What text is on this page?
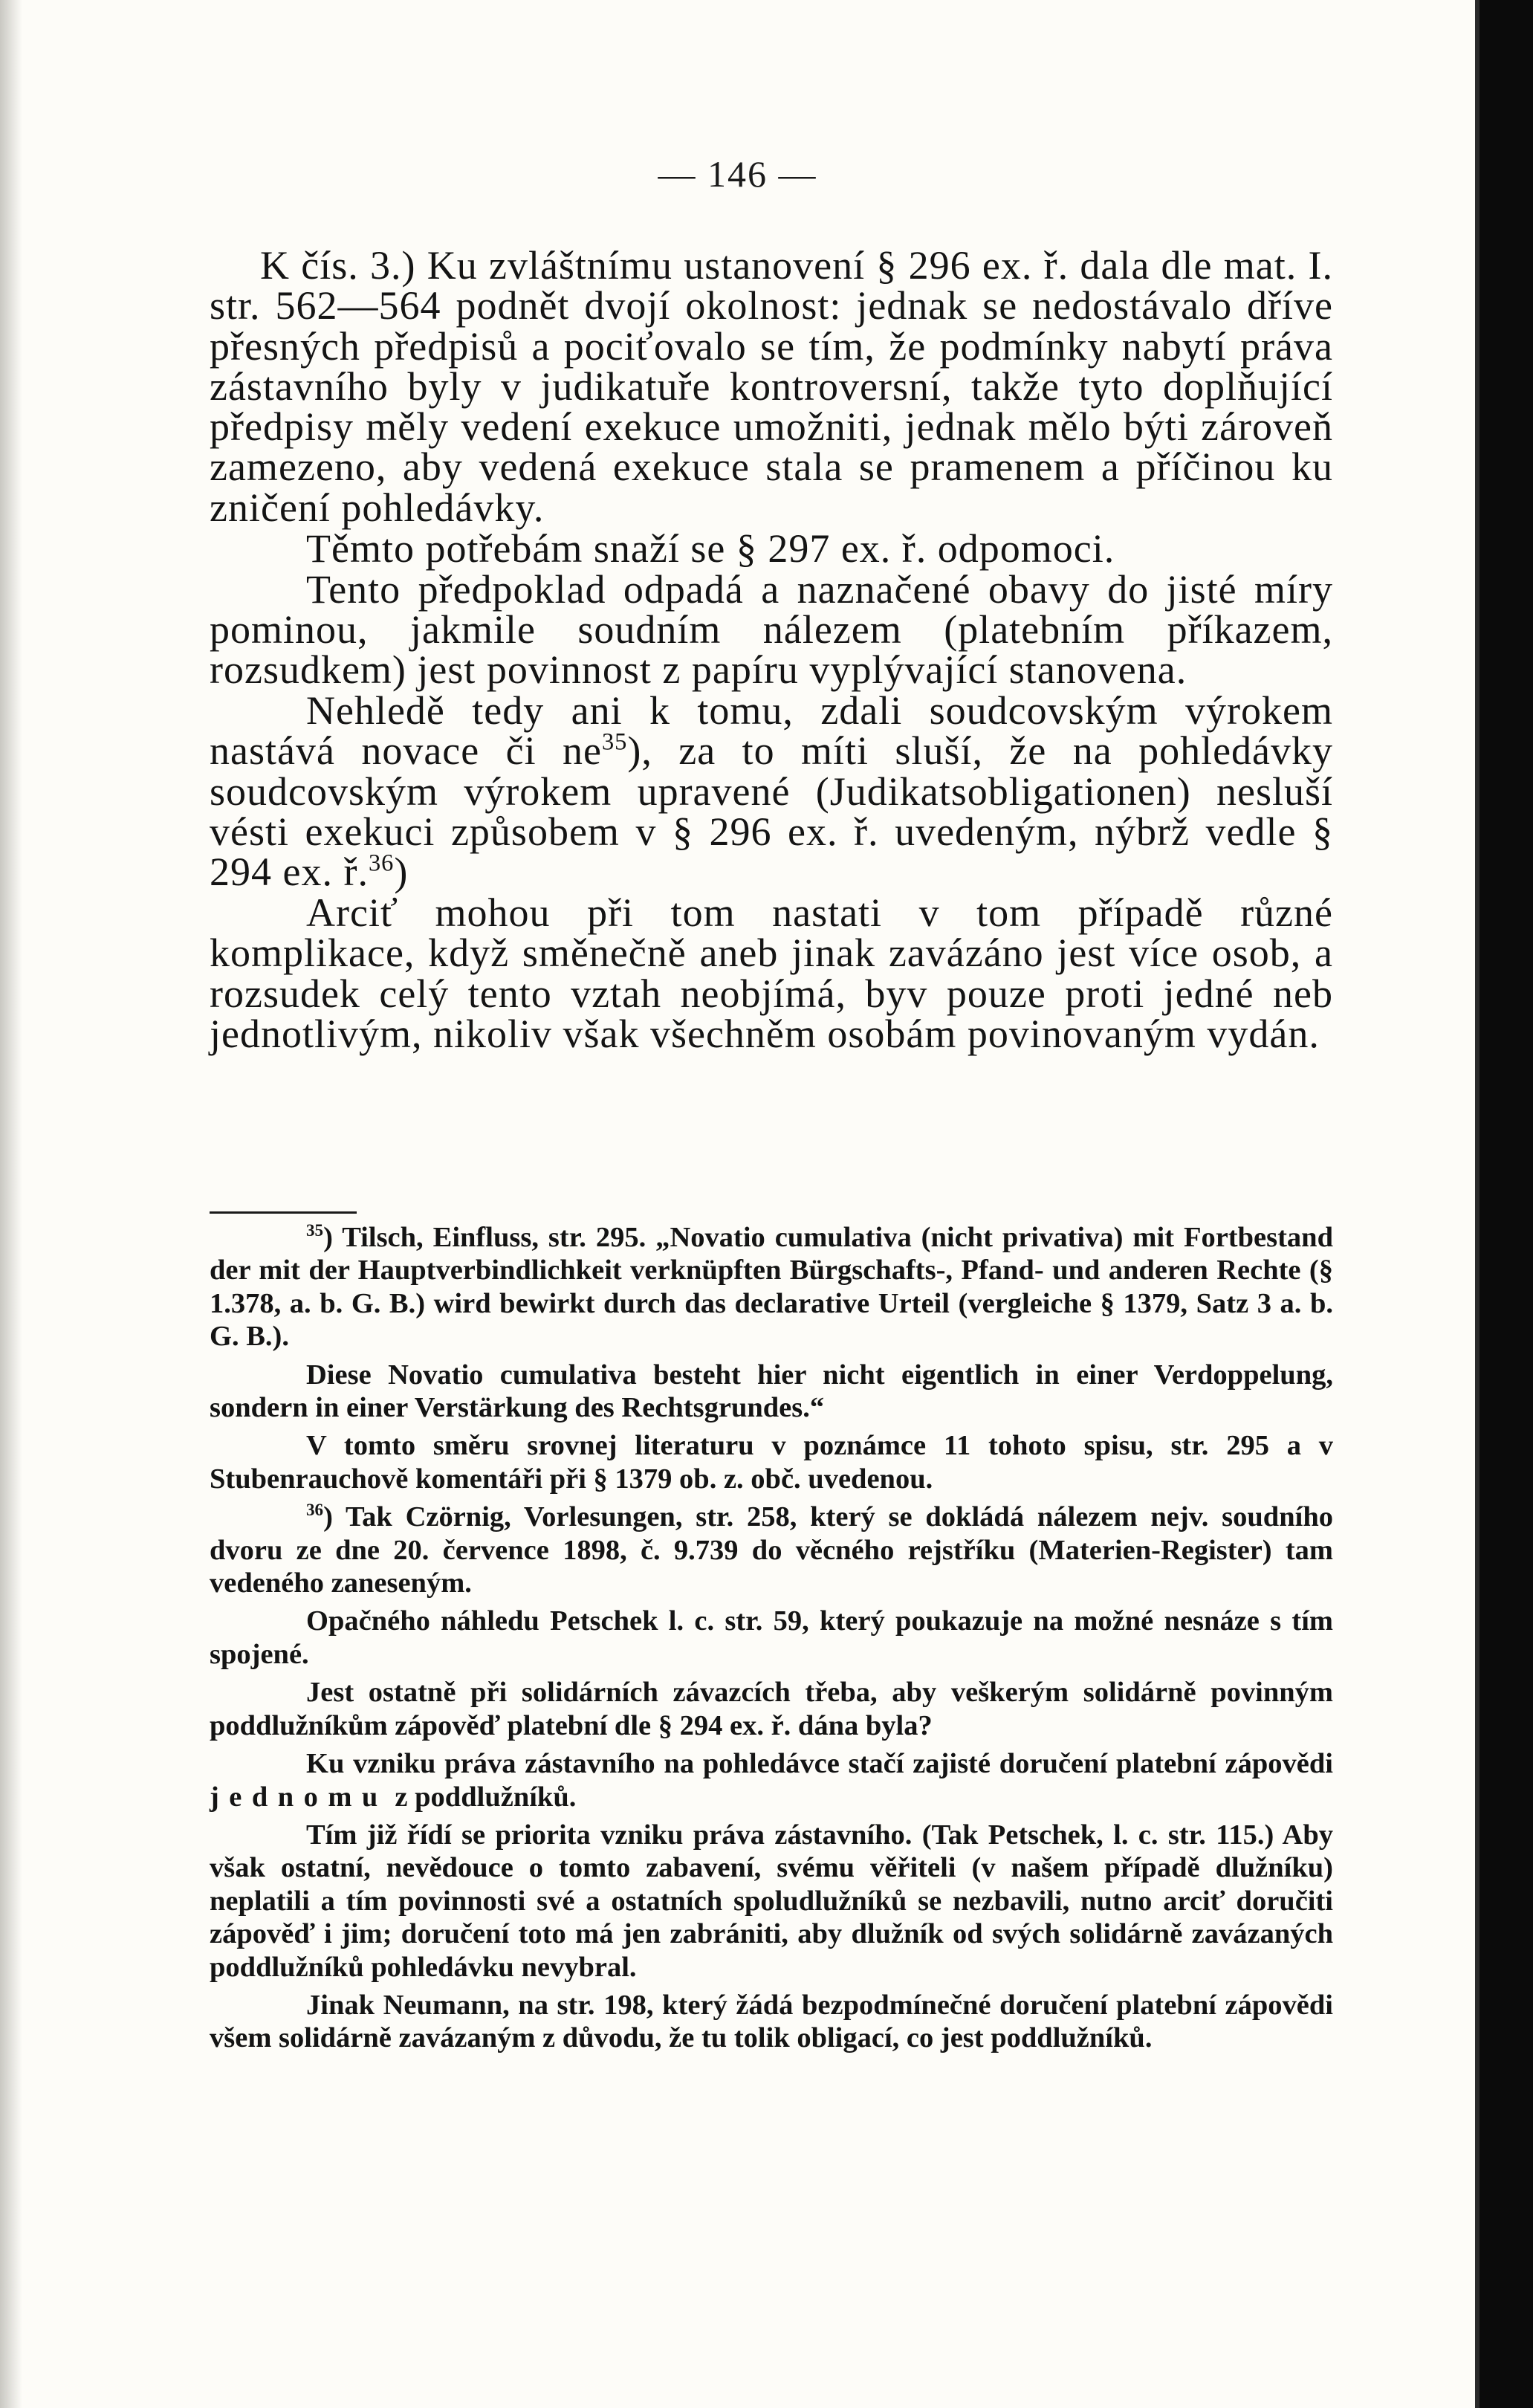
— 146 —

K čís. 3.) Ku zvláštnímu ustanovení § 296 ex. ř. dala dle mat. I. str. 562—564 podnět dvojí okolnost: jednak se nedostávalo dříve přesných předpisů a pociťovalo se tím, že podmínky nabytí práva zástavního byly v judikatuře kontroversní, takže tyto doplňující předpisy měly vedení exekuce umožniti, jednak mělo býti zároveň zamezeno, aby vedená exekuce stala se pramenem a příčinou ku zničení pohledávky.

Těmto potřebám snaží se § 297 ex. ř. odpomoci.

Tento předpoklad odpadá a naznačené obavy do jisté míry pominou, jakmile soudním nálezem (platebním příkazem, rozsudkem) jest povinnost z papíru vyplývající stanovena.

Nehledě tedy ani k tomu, zdali soudcovským výrokem nastává novace či $ne^{35}$), za to míti sluší, že na pohledávky soudcovským výrokem upravené (Judikatsobligationen) nesluší vésti exekuci způsobem v § 296 ex. ř. uvedeným, nýbrž vedle § 294 ex. ř.$^{36}$)

Arciť mohou při tom nastati v tom případě různé komplikace, když směnečně aneb jinak zavázáno jest více osob, a rozsudek celý tento vztah neobjímá, byv pouze proti jedné neb jednotlivým, nikoliv však všechněm osobám povinovaným vydán.

$^{35}$) Tilsch, Einfluss, str. 295. „Novatio cumulativa (nicht privativa) mit Fortbestand der mit der Hauptverbindlichkeit verknüpften Bürgschafts-, Pfand- und anderen Rechte (§ 1.378, a. b. G. B.) wird bewirkt durch das declarative Urteil (vergleiche § 1379, Satz 3 a. b. G. B.).

Diese Novatio cumulativa besteht hier nicht eigentlich in einer Verdoppelung, sondern in einer Verstärkung des Rechtsgrundes.“

V tomto směru srovnej literaturu v poznámce 11 tohoto spisu, str. 295 a v Stubenrauchově komentáři při § 1379 ob. z. obč. uvedenou.

$^{36}$) Tak Czörnig, Vorlesungen, str. 258, který se dokládá nálezem nejv. soudního dvoru ze dne 20. července 1898, č. 9.739 do věcného rejstříku (Materien-Register) tam vedeného zaneseným.

Opačného náhledu Petschek l. c. str. 59, který poukazuje na možné nesnáze s tím spojené.

Jest ostatně při solidárních závazcích třeba, aby veškerým solidárně povinným poddlužníkům zápověď platební dle § 294 ex. ř. dána byla?

Ku vzniku práva zástavního na pohledávce stačí zajisté doručení platební zápovědi jednomu z poddlužníků.

Tím již řídí se priorita vzniku práva zástavního. (Tak Petschek, l. c. str. 115.) Aby však ostatní, nevědouce o tomto zabavení, svému věřiteli (v našem případě dlužníku) neplatili a tím povinnosti své a ostatních spoludlužníků se nezbavili, nutno arciť doručiti zápověď i jim; doručení toto má jen zabrániti, aby dlužník od svých solidárně zavázaných poddlužníků pohledávku nevybral.

Jinak Neumann, na str. 198, který žádá bezpodmínečné doručení platební zápovědi všem solidárně zavázaným z důvodu, že tu tolik obligací, co jest poddlužníků.
